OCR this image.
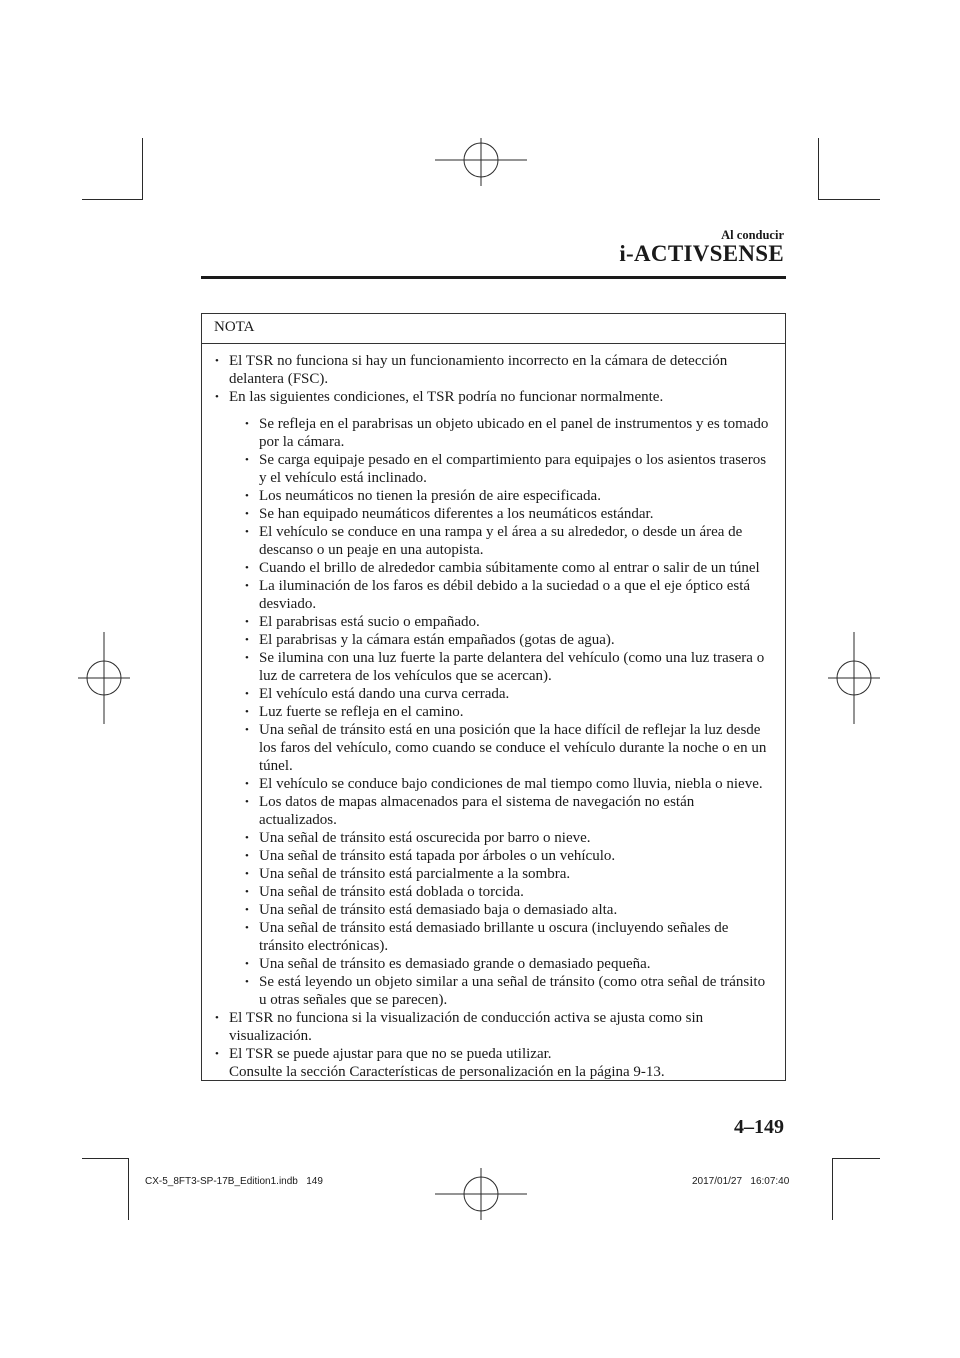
Al conducir
i-ACTIVSENSE
NOTA
• El TSR no funciona si hay un funcionamiento incorrecto en la cámara de detección delantera (FSC).
• En las siguientes condiciones, el TSR podría no funcionar normalmente.
• Se refleja en el parabrisas un objeto ubicado en el panel de instrumentos y es tomado por la cámara.
• Se carga equipaje pesado en el compartimiento para equipajes o los asientos traseros y el vehículo está inclinado.
• Los neumáticos no tienen la presión de aire especificada.
• Se han equipado neumáticos diferentes a los neumáticos estándar.
• El vehículo se conduce en una rampa y el área a su alrededor, o desde un área de descanso o un peaje en una autopista.
• Cuando el brillo de alrededor cambia súbitamente como al entrar o salir de un túnel
• La iluminación de los faros es débil debido a la suciedad o a que el eje óptico está desviado.
• El parabrisas está sucio o empañado.
• El parabrisas y la cámara están empañados (gotas de agua).
• Se ilumina con una luz fuerte la parte delantera del vehículo (como una luz trasera o luz de carretera de los vehículos que se acercan).
• El vehículo está dando una curva cerrada.
• Luz fuerte se refleja en el camino.
• Una señal de tránsito está en una posición que la hace difícil de reflejar la luz desde los faros del vehículo, como cuando se conduce el vehículo durante la noche o en un túnel.
• El vehículo se conduce bajo condiciones de mal tiempo como lluvia, niebla o nieve.
• Los datos de mapas almacenados para el sistema de navegación no están actualizados.
• Una señal de tránsito está oscurecida por barro o nieve.
• Una señal de tránsito está tapada por árboles o un vehículo.
• Una señal de tránsito está parcialmente a la sombra.
• Una señal de tránsito está doblada o torcida.
• Una señal de tránsito está demasiado baja o demasiado alta.
• Una señal de tránsito está demasiado brillante u oscura (incluyendo señales de tránsito electrónicas).
• Una señal de tránsito es demasiado grande o demasiado pequeña.
• Se está leyendo un objeto similar a una señal de tránsito (como otra señal de tránsito u otras señales que se parecen).
• El TSR no funciona si la visualización de conducción activa se ajusta como sin visualización.
• El TSR se puede ajustar para que no se pueda utilizar.
Consulte la sección Características de personalización en la página 9-13.
4–149
CX-5_8FT3-SP-17B_Edition1.indb   149	2017/01/27   16:07:40
